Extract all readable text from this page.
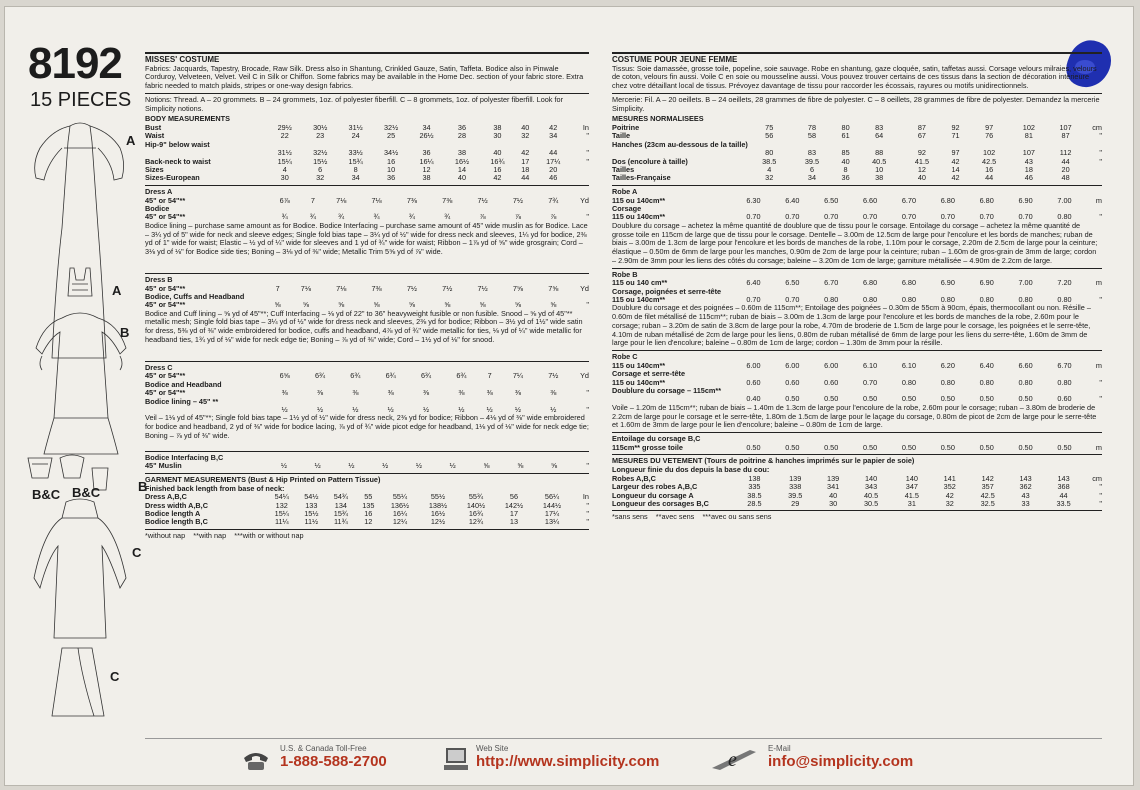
8192
15 PIECES
A
A
B
B&C B&C	B
C
C
MISSES' COSTUME
Fabrics: Jacquards, Tapestry, Brocade, Raw Silk. Dress also in Shantung, Crinkled Gauze, Satin, Taffeta. Bodice also in Pinwale Corduroy, Velveteen, Velvet. Veil C in Silk or Chiffon. Some fabrics may be available in the Home Dec. section of your fabric store. Extra fabric needed to match plaids, stripes or one-way design fabrics.
Notions: Thread. A – 20 grommets. B – 24 grommets, 1oz. of polyester fiberfill. C – 8 grommets, 1oz. of polyester fiberfill. Look for Simplicity notions.
BODY MEASUREMENTS
Bust	29½	30½	31½	32½	34	36	38	40	42	In
Waist	22	23	24	25	26½	28	30	32	34	"
Hip-9" below waist										
	31½	32½	33½	34½	36	38	40	42	44	"
Back-neck to waist	15¼	15½	15¾	16	16¼	16½	16¾	17	17¼	"
Sizes	4	6	8	10	12	14	16	18	20	
Sizes-European	30	32	34	36	38	40	42	44	46	
Dress A
45" or 54"**	6⅞	7	7⅛	7⅛	7⅜	7⅜	7½	7½	7¾	Yd
Bodice										
45" or 54"**	¾	¾	¾	¾	¾	¾	⅞	⅞	⅞	"
Bodice lining – purchase same amount as for Bodice. Bodice Interfacing – purchase same amount of 45" wide muslin as for Bodice. Lace – 3¼ yd of 5" wide for neck and sleeve edges; Single fold bias tape – 3¼ yd of ½" wide for dress neck and sleeves, 1¼ yd for bodice, 2⅜ yd of 1" wide for waist; Elastic – ½ yd of ¼" wide for sleeves and 1 yd of ¾" wide for waist; Ribbon – 1⅞ yd of ⅝" wide grosgrain; Cord – 3⅛ yd of ⅛" for Bodice side ties; Boning – 3⅛ yd of ⅜" wide; Metallic Trim 5⅝ yd of ⅞" wide.
Dress B
45" or 54"**	7	7⅛	7⅛	7⅜	7½	7½	7½	7⅝	7⅝	Yd
Bodice, Cuffs and Headband										
45" or 54"**	⅝	⅝	⅝	⅝	⅝	⅝	⅝	⅝	⅝	"
Bodice and Cuff lining – ⅝ yd of 45"**; Cuff Interfacing – ⅛ yd of 22" to 36" heavyweight fusible or non fusible. Snood – ⅝ yd of 45"** metallic mesh; Single fold bias tape – 3¼ yd of ½" wide for dress neck and sleeves, 2⅜ yd for bodice; Ribbon – 3½ yd of 1½" wide satin for dress, 5⅜ yd of ⅜" wide embroidered for bodice, cuffs and headband, 4⅞ yd of ¾" wide metallic for ties, ⅛ yd of ¼" wide metallic for headband ties, 1¾ yd of ⅛" wide for neck edge tie; Boning – ⅞ yd of ⅜" wide; Cord – 1½ yd of ⅛" for snood.
Dress C
45" or 54"**	6⅝	6¾	6¾	6¾	6¾	6¾	7	7¼	7½	Yd
Bodice and Headband										
45" or 54"**	⅜	⅜	⅜	⅜	⅜	⅜	⅜	⅜	⅜	"
Bodice lining – 45" **										
	½	½	½	½	½	½	½	½	½	"
Veil – 1⅛ yd of 45"**; Single fold bias tape – 1½ yd of ½" wide for dress neck, 2⅜ yd for bodice; Ribbon – 4⅛ yd of ⅜" wide embroidered for bodice and headband, 2 yd of ⅜" wide for bodice lacing, ⅞ yd of ¾" wide picot edge for headband, 1⅛ yd of ⅛" wide for neck edge tie; Boning – ⅞ yd of ⅜" wide.
Bodice Interfacing B,C
45" Muslin	½	½	½	½	½	½	⅝	⅝	⅝	"
GARMENT MEASUREMENTS (Bust & Hip Printed on Pattern Tissue)
Finished back length from base of neck:
Dress A,B,C	54¼	54½	54¾	55	55¼	55½	55¾	56	56¼	In
Dress width A,B,C	132	133	134	135	136½	138½	140½	142½	144½	"
Bodice length A	15¼	15½	15¾	16	16¼	16½	16¾	17	17¼	"
Bodice length B,C	11¼	11½	11¾	12	12¼	12½	12¾	13	13¼	"
*without nap    **with nap    ***with or without nap
COSTUME POUR JEUNE FEMME
Tissus: Soie damassée, grosse toile, popeline, soie sauvage. Robe en shantung, gaze cloquée, satin, taffetas aussi. Corsage velours milraies, velours de coton, velours fin aussi. Voile C en soie ou mousseline aussi. Vous pouvez trouver certains de ces tissus dans la section de décoration intérieure chez votre détaillant local de tissus. Prévoyez davantage de tissu pour raccorder les écossais, rayures ou motifs unidirectionnels.
Mercerie: Fil. A – 20 oeillets. B – 24 oeillets, 28 grammes de fibre de polyester. C – 8 oeillets, 28 grammes de fibre de polyester. Demandez la mercerie Simplicity.
MESURES NORMALISEES
Poitrine	75	78	80	83	87	92	97	102	107	cm
Taille	56	58	61	64	67	71	76	81	87	"
Hanches (23cm au-dessous de la taille)										
	80	83	85	88	92	97	102	107	112	"
Dos (encolure à taille)	38.5	39.5	40	40.5	41.5	42	42.5	43	44	"
Tailles	4	6	8	10	12	14	16	18	20	
Tailles-Française	32	34	36	38	40	42	44	46	48	
Robe A
115 ou 140cm**	6.30	6.40	6.50	6.60	6.70	6.80	6.80	6.90	7.00	m
Corsage										
115 ou 140cm**	0.70	0.70	0.70	0.70	0.70	0.70	0.70	0.70	0.80	"
Doublure du corsage – achetez la même quantité de doublure que de tissu pour le corsage. Entoilage du corsage – achetez la même quantité de grosse toile en 115cm de large que de tissu pour le corsage. Dentelle – 3.00m de 12.5cm de large pour l'encolure et les bords de manches; ruban de biais – 3.00m de 1.3cm de large pour l'encolure et les bords de manches de la robe, 1.10m pour le corsage, 2.20m de 2.5cm de large pour la ceinture; élastique – 0.50m de 6mm de large pour les manches, 0.90m de 2cm de large pour la ceinture; ruban – 1.60m de gros-grain de 3mm de large; cordon – 2.90m de 3mm pour les liens des côtés du corsage; baleine – 3.20m de 1cm de large; garniture métallisée – 4.90m de 2.2cm de large.
Robe B
115 ou 140 cm**	6.40	6.50	6.70	6.80	6.80	6.90	6.90	7.00	7.20	m
Corsage, poignées et serre-tête										
115 ou 140cm**	0.70	0.70	0.80	0.80	0.80	0.80	0.80	0.80	0.80	"
Doublure du corsage et des poignées – 0.60m de 115cm**; Entoilage des poignées – 0.30m de 55cm à 90cm, épais, thermocollant ou non. Résille – 0.60m de filet métallisé de 115cm**; ruban de biais – 3.00m de 1.3cm de large pour l'encolure et les bords de manches de la robe, 2.60m pour le corsage; ruban – 3.20m de satin de 3.8cm de large pour la robe, 4.70m de broderie de 1.5cm de large pour le corsage, les poignées et le serre-tête, 4.10m de ruban métallisé de 2cm de large pour les liens, 0.80m de ruban métallisé de 6mm de large pour les liens du serre-tête, 1.60m de 3mm de large pour le lien d'encolure; baleine – 0.80m de 1cm de large; cordon – 1.30m de 3mm pour la résille.
Robe C
115 ou 140cm**	6.00	6.00	6.00	6.10	6.10	6.20	6.40	6.60	6.70	m
Corsage et serre-tête										
115 ou 140cm**	0.60	0.60	0.60	0.70	0.80	0.80	0.80	0.80	0.80	"
Doublure du corsage – 115cm**										
	0.40	0.50	0.50	0.50	0.50	0.50	0.50	0.50	0.60	"
Voile – 1.20m de 115cm**; ruban de biais – 1.40m de 1.3cm de large pour l'encolure de la robe, 2.60m pour le corsage; ruban – 3.80m de broderie de 2.2cm de large pour le corsage et le serre-tête, 1.80m de 1.5cm de large pour le laçage du corsage, 0.80m de picot de 2cm de large pour le serre-tête et 1.60m de 3mm de large pour le lien d'encolure; baleine – 0.80m de 1cm de large.
Entoilage du corsage B,C
115cm** grosse toile	0.50	0.50	0.50	0.50	0.50	0.50	0.50	0.50	0.50	m
MESURES DU VETEMENT (Tours de poitrine & hanches imprimés sur le papier de soie)
Longueur finie du dos depuis la base du cou:
Robes A,B,C	138	139	139	140	140	141	142	143	143	cm
Largeur des robes A,B,C	335	338	341	343	347	352	357	362	368	"
Longueur du corsage A	38.5	39.5	40	40.5	41.5	42	42.5	43	44	"
Longueur des corsages B,C	28.5	29	30	30.5	31	32	32.5	33	33.5	"
*sans sens    **avec sens    ***avec ou sans sens
U.S. & Canada Toll-Free
1-888-588-2700
Web Site
http://www.simplicity.com	e
E-Mail
info@simplicity.com
